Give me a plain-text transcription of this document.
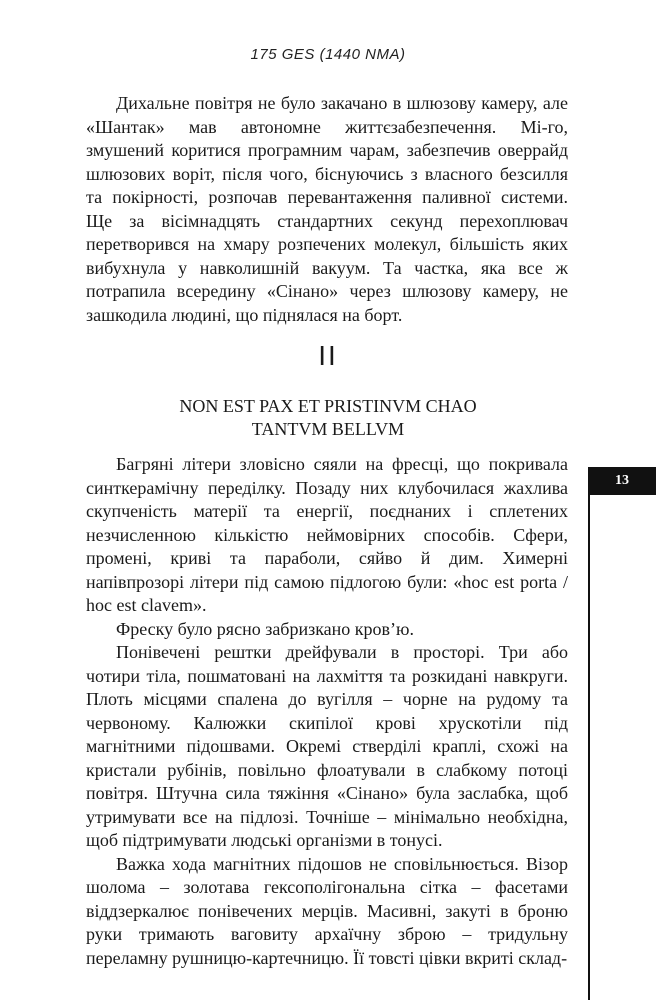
175 GES (1440 NMA)

Дихальне повітря не було закачано в шлюзову камеру, але «Шантак» мав автономне життєзабезпечення. Мі-го, змушений коритися програмним чарам, забезпечив оверрайд шлюзових воріт, після чого, біснуючись з власного безсилля та покірності, розпочав перевантаження паливної системи. Ще за вісімнадцять стандартних секунд перехоплювач перетворився на хмару розпечених молекул, більшість яких вибухнула у навколишній вакуум. Та частка, яка все ж потрапила всередину «Сінано» через шлюзову камеру, не зашкодила людині, що піднялася на борт.

II
NON EST PAX ET PRISTINVM CHAO
TANTVM BELLVM

Багряні літери зловісно сяяли на фресці, що покривала синткерамічну переділку. Позаду них клубочилася жахлива скупченість матерії та енергії, поєднаних і сплетених незчисленною кількістю неймовірних способів. Сфери, промені, криві та параболи, сяйво й дим. Химерні напівпрозорі літери під самою підлогою були: «hoc est porta / hoc est clavem».

Фреску було рясно забризкано кров’ю.

Понівечені рештки дрейфували в просторі. Три або чотири тіла, пошматовані на лахміття та розкидані навкруги. Плоть місцями спалена до вугілля – чорне на рудому та червоному. Калюжки скипілої крові хрускотіли під магнітними підошвами. Окремі стверділі краплі, схожі на кристали рубінів, повільно флоатували в слабкому потоці повітря. Штучна сила тяжіння «Сінано» була заслабка, щоб утримувати все на підлозі. Точніше – мінімально необхідна, щоб підтримувати людські організми в тонусі.

Важка хода магнітних підошов не сповільнюється. Візор шолома – золотава гексополігональна сітка – фасетами віддзеркалює понівечених мерців. Масивні, закуті в броню руки тримають ваговиту архаїчну зброю – тридульну переламну рушницю-картечницю. Її товсті цівки вкриті склад-

13
